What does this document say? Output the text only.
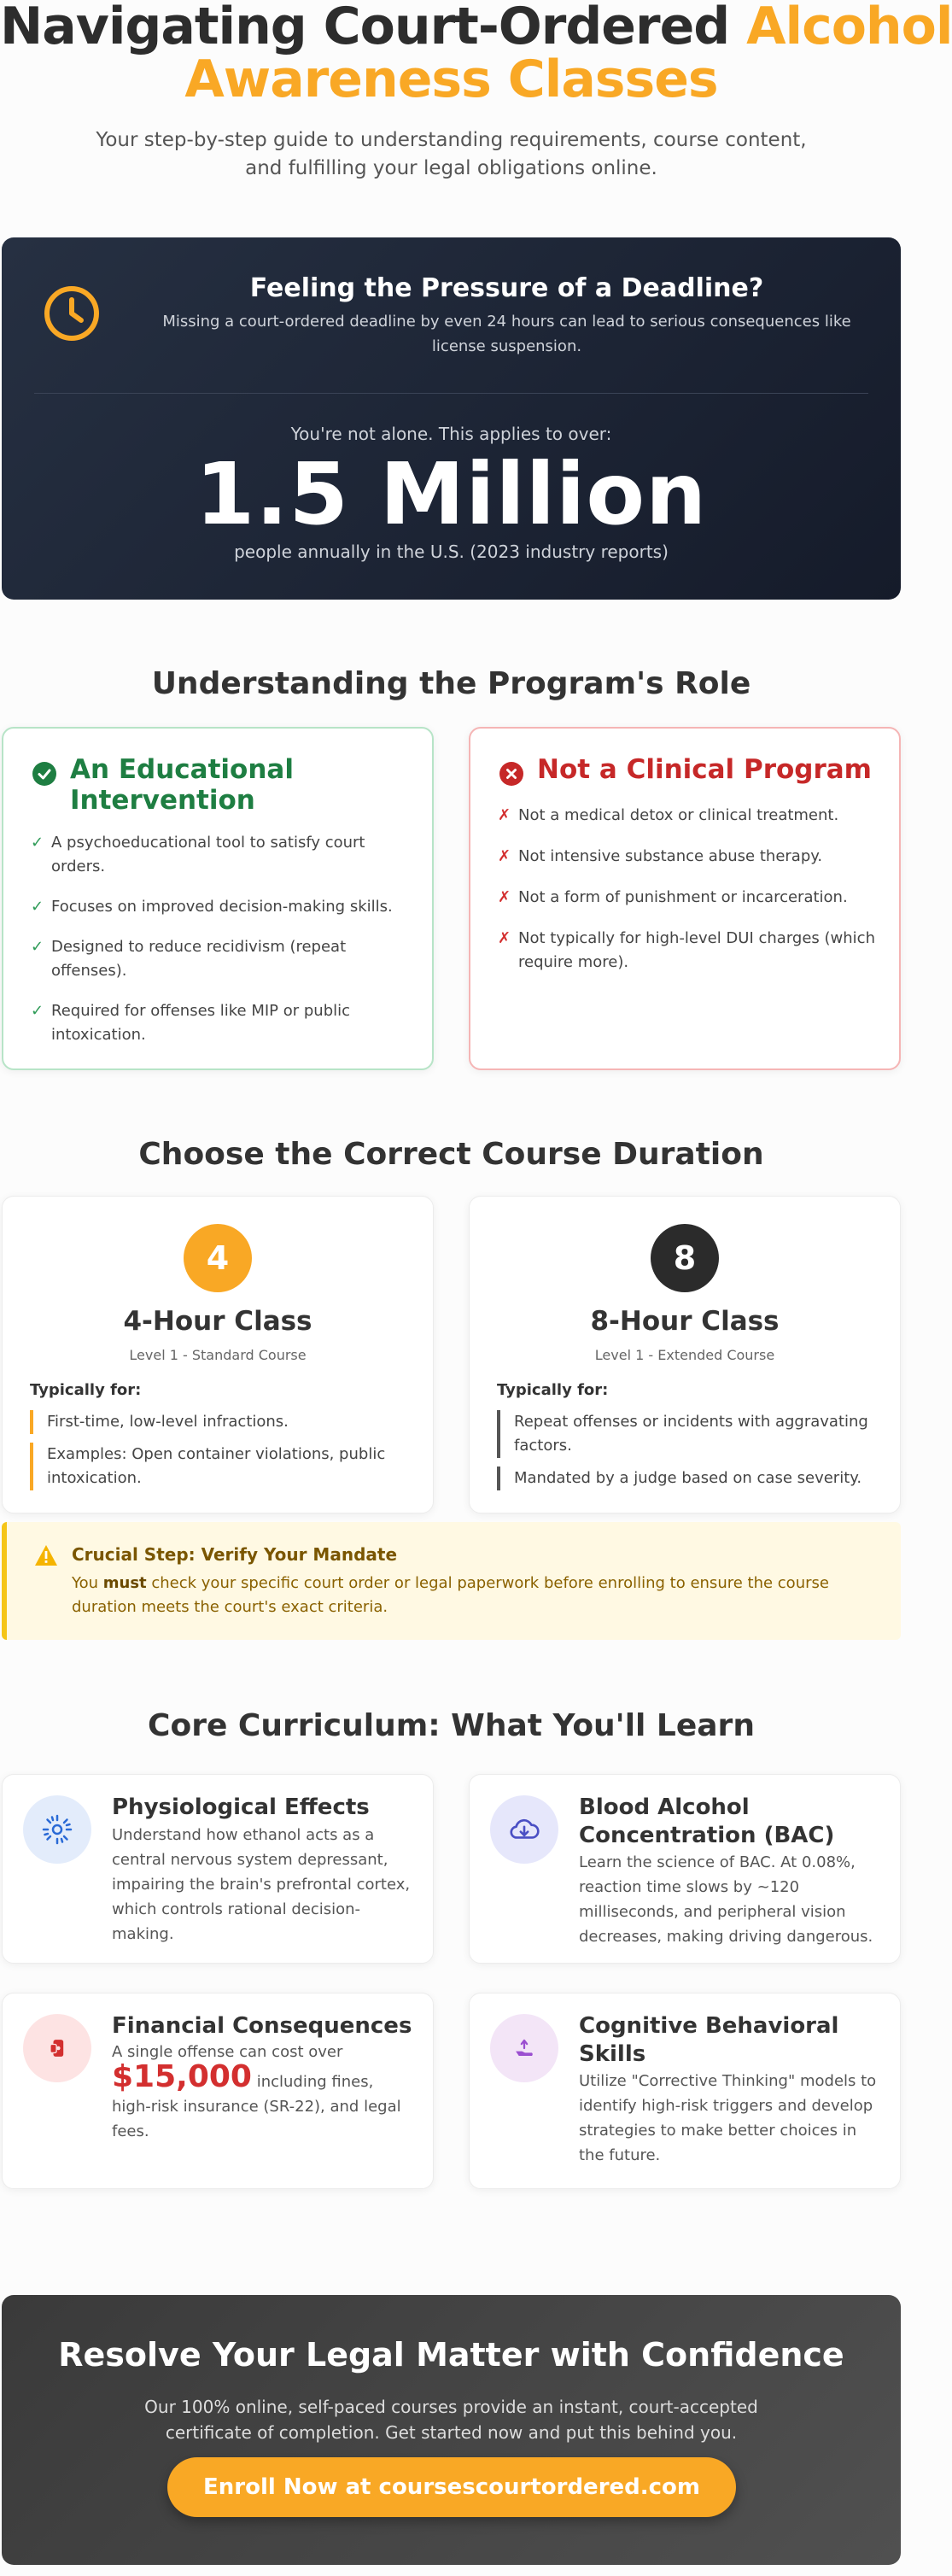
Navigating Court-Ordered Alcohol
Awareness Classes

Your step-by-step guide to understanding requirements, course content, and fulfilling your legal obligations online.

Feeling the Pressure of a Deadline?
Missing a court-ordered deadline by even 24 hours can lead to serious consequences like license suspension.
You're not alone. This applies to over:
1.5 Million
people annually in the U.S. (2023 industry reports)
Understanding the Program's Role
An Educational Intervention
✓ A psychoeducational tool to satisfy court orders.
✓ Focuses on improved decision-making skills.
✓ Designed to reduce recidivism (repeat offenses).
✓ Required for offenses like MIP or public intoxication.
Not a Clinical Program
✗ Not a medical detox or clinical treatment.
✗ Not intensive substance abuse therapy.
✗ Not a form of punishment or incarceration.
✗ Not typically for high-level DUI charges (which require more).
Choose the Correct Course Duration
4
4-Hour Class
Level 1 - Standard Course
Typically for:
First-time, low-level infractions.
Examples: Open container violations, public intoxication.
8
8-Hour Class
Level 1 - Extended Course
Typically for:
Repeat offenses or incidents with aggravating factors.
Mandated by a judge based on case severity.
Crucial Step: Verify Your Mandate
You must check your specific court order or legal paperwork before enrolling to ensure the course duration meets the court's exact criteria.
Core Curriculum: What You'll Learn
Physiological Effects
Understand how ethanol acts as a central nervous system depressant, impairing the brain's prefrontal cortex, which controls rational decision-making.
Blood Alcohol Concentration (BAC)
Learn the science of BAC. At 0.08%, reaction time slows by ~120 milliseconds, and peripheral vision decreases, making driving dangerous.
Financial Consequences
A single offense can cost over
$15,000 including fines, high-risk insurance (SR-22), and legal fees.
Cognitive Behavioral Skills
Utilize "Corrective Thinking" models to identify high-risk triggers and develop strategies to make better choices in the future.
Resolve Your Legal Matter with Confidence
Our 100% online, self-paced courses provide an instant, court-accepted certificate of completion. Get started now and put this behind you.
Enroll Now at coursescourtordered.com
